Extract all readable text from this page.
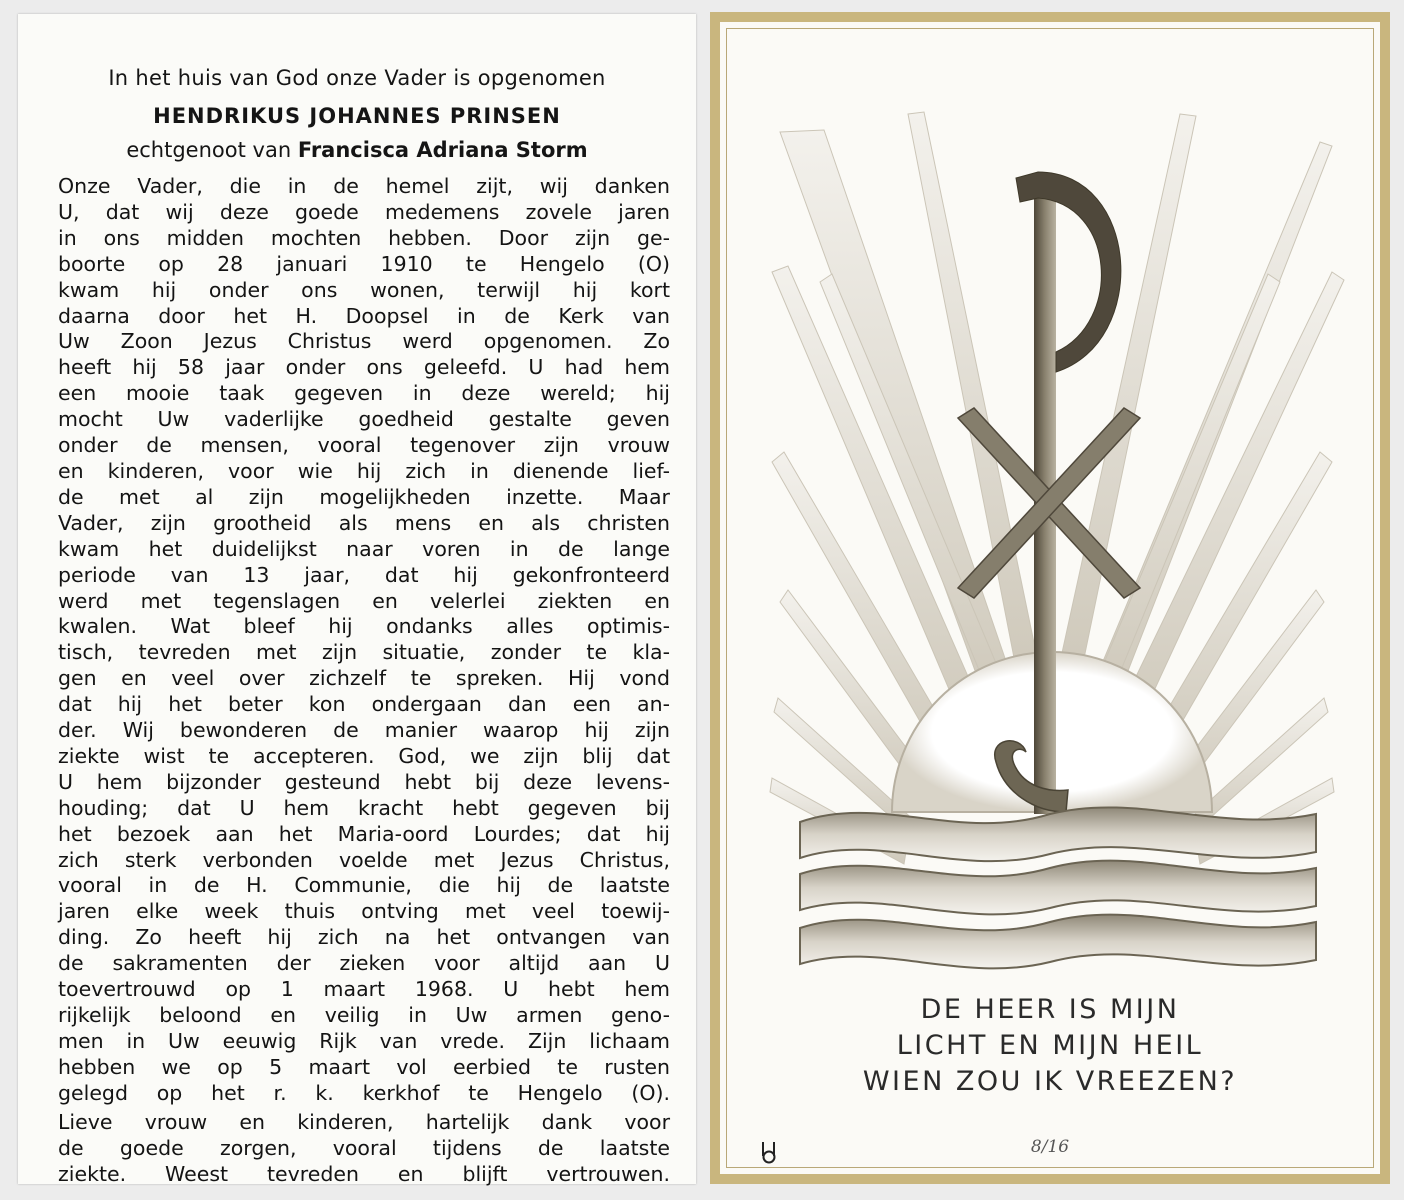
In het huis van God onze Vader is opgenomen
HENDRIKUS JOHANNES PRINSEN
echtgenoot van Francisca Adriana Storm
Onze Vader, die in de hemel zijt, wij danken
U, dat wij deze goede medemens zovele jaren
in ons midden mochten hebben. Door zijn ge-
boorte op 28 januari 1910 te Hengelo (O)
kwam hij onder ons wonen, terwijl hij kort
daarna door het H. Doopsel in de Kerk van
Uw Zoon Jezus Christus werd opgenomen. Zo
heeft hij 58 jaar onder ons geleefd. U had hem
een mooie taak gegeven in deze wereld; hij
mocht Uw vaderlijke goedheid gestalte geven
onder de mensen, vooral tegenover zijn vrouw
en kinderen, voor wie hij zich in dienende lief-
de met al zijn mogelijkheden inzette. Maar
Vader, zijn grootheid als mens en als christen
kwam het duidelijkst naar voren in de lange
periode van 13 jaar, dat hij gekonfronteerd
werd met tegenslagen en velerlei ziekten en
kwalen. Wat bleef hij ondanks alles optimis-
tisch, tevreden met zijn situatie, zonder te kla-
gen en veel over zichzelf te spreken. Hij vond
dat hij het beter kon ondergaan dan een an-
der. Wij bewonderen de manier waarop hij zijn
ziekte wist te accepteren. God, we zijn blij dat
U hem bijzonder gesteund hebt bij deze levens-
houding; dat U hem kracht hebt gegeven bij
het bezoek aan het Maria-oord Lourdes; dat hij
zich sterk verbonden voelde met Jezus Christus,
vooral in de H. Communie, die hij de laatste
jaren elke week thuis ontving met veel toewij-
ding. Zo heeft hij zich na het ontvangen van
de sakramenten der zieken voor altijd aan U
toevertrouwd op 1 maart 1968. U hebt hem
rijkelijk beloond en veilig in Uw armen geno-
men in Uw eeuwig Rijk van vrede. Zijn lichaam
hebben we op 5 maart vol eerbied te rusten
gelegd op het r. k. kerkhof te Hengelo (O).
Lieve vrouw en kinderen, hartelijk dank voor
de goede zorgen, vooral tijdens de laatste
ziekte. Weest tevreden en blijft vertrouwen.
DE HEER IS MIJN
LICHT EN MIJN HEIL
WIEN ZOU IK VREEZEN?
8/16
